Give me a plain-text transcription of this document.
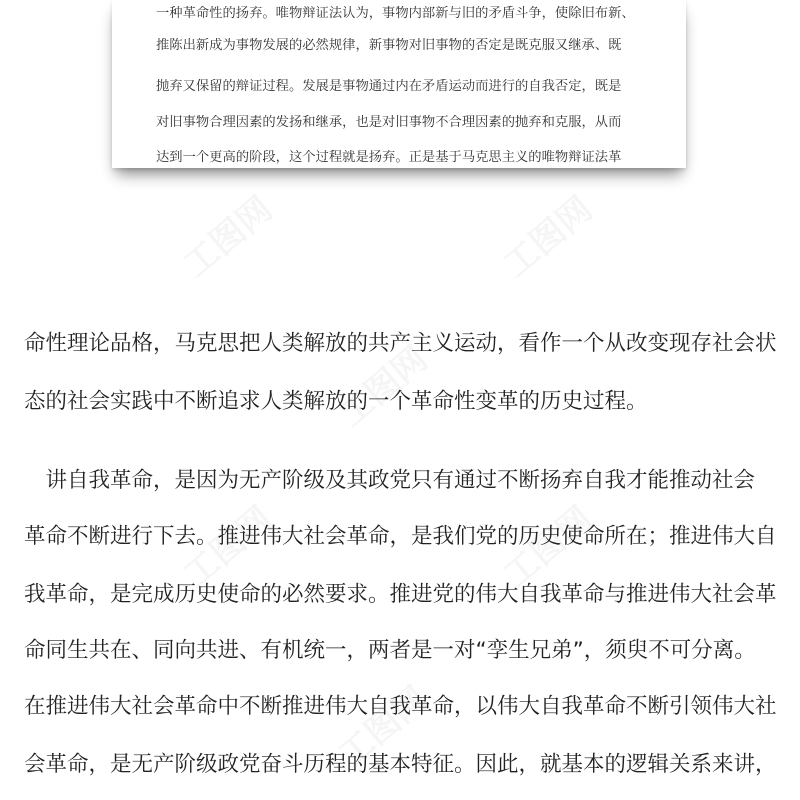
工图网	工图网
工图网
工图网	工图网
工图网
一种革命性的扬弃。唯物辩证法认为，事物内部新与旧的矛盾斗争，使除旧布新、
推陈出新成为事物发展的必然规律，新事物对旧事物的否定是既克服又继承、既
抛弃又保留的辩证过程。发展是事物通过内在矛盾运动而进行的自我否定，既是
对旧事物合理因素的发扬和继承，也是对旧事物不合理因素的抛弃和克服，从而
达到一个更高的阶段，这个过程就是扬弃。正是基于马克思主义的唯物辩证法革
命性理论品格，马克思把人类解放的共产主义运动，看作一个从改变现存社会状
态的社会实践中不断追求人类解放的一个革命性变革的历史过程。
　讲自我革命，是因为无产阶级及其政党只有通过不断扬弃自我才能推动社会
革命不断进行下去。推进伟大社会革命，是我们党的历史使命所在；推进伟大自
我革命，是完成历史使命的必然要求。推进党的伟大自我革命与推进伟大社会革
命同生共在、同向共进、有机统一，两者是一对“孪生兄弟”，须臾不可分离。
在推进伟大社会革命中不断推进伟大自我革命，以伟大自我革命不断引领伟大社
会革命，是无产阶级政党奋斗历程的基本特征。因此，就基本的逻辑关系来讲，
